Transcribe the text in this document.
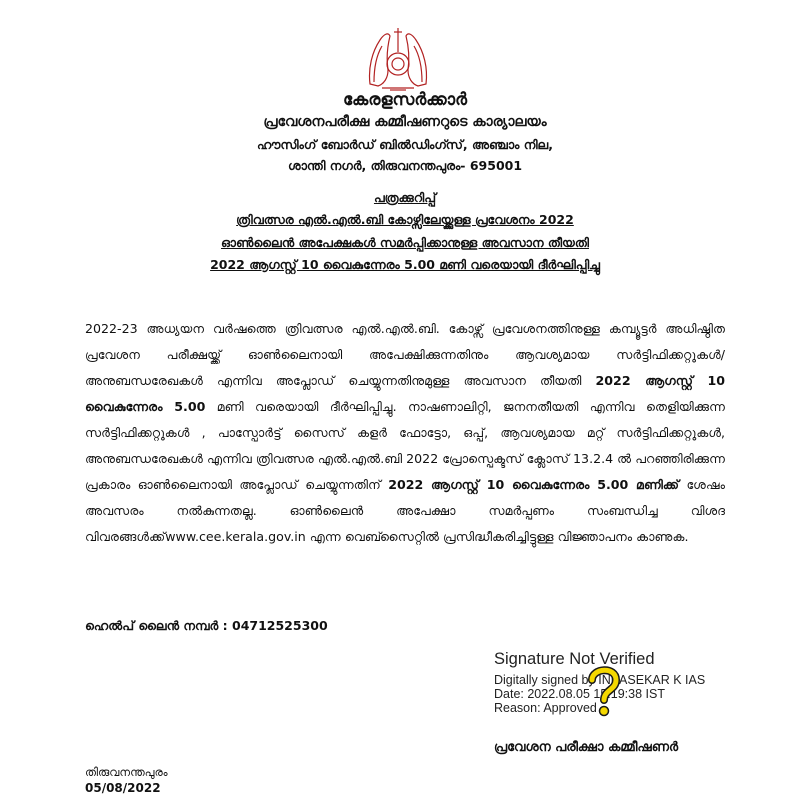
കേരളസർക്കാർ
പ്രവേശനപരീക്ഷ കമ്മീഷണറുടെ കാര്യാലയം
ഹൗസിംഗ് ബോർഡ് ബിൽഡിംഗ്സ്, അഞ്ചാം നില,
ശാന്തി നഗർ, തിരുവനന്തപുരം- 695001
പത്രക്കുറിപ്പ്
ത്രിവത്സര എൽ.എൽ.ബി കോഴ്സിലേയ്ക്കുള്ള പ്രവേശനം 2022
ഓൺലൈൻ അപേക്ഷകൾ സമർപ്പിക്കാനുള്ള അവസാന തീയതി
2022 ആഗസ്റ്റ് 10 വൈകുന്നേരം 5.00 മണി വരെയായി ദീർഘിപ്പിച്ചു
2022-23 അധ്യയന വർഷത്തെ ത്രിവത്സര എൽ.എൽ.ബി. കോഴ്സ് പ്രവേശനത്തിനുള്ള കമ്പ്യൂട്ടർ അധിഷ്ഠിത പ്രവേശന പരീക്ഷയ്ക്ക് ഓൺലൈനായി അപേക്ഷിക്കുന്നതിനും ആവശ്യമായ സർട്ടിഫിക്കറ്റുകൾ/അനുബന്ധരേഖകൾ എന്നിവ അപ്ലോഡ് ചെയ്യുന്നതിനുമുള്ള അവസാന തീയതി 2022 ആഗസ്റ്റ് 10 വൈകുന്നേരം 5.00 മണി വരെയായി ദീർഘിപ്പിച്ചു. നാഷണാലിറ്റി, ജനനതീയതി എന്നിവ തെളിയിക്കുന്ന സർട്ടിഫിക്കറ്റുകൾ , പാസ്പോർട്ട് സൈസ് കളർ ഫോട്ടോ, ഒപ്പ്, ആവശ്യമായ മറ്റ് സർട്ടിഫിക്കറ്റുകൾ, അനുബന്ധരേഖകൾ എന്നിവ ത്രിവത്സര എൽ.എൽ.ബി 2022 പ്രോസ്പെക്ടസ് ക്ലോസ് 13.2.4 ൽ പറഞ്ഞിരിക്കുന്ന പ്രകാരം ഓൺലൈനായി അപ്ലോഡ് ചെയ്യുന്നതിന് 2022 ആഗസ്റ്റ് 10 വൈകുന്നേരം 5.00 മണിക്ക് ശേഷം അവസരം നൽകുന്നതല്ല. ഓൺലൈൻ അപേക്ഷാ സമർപ്പണം സംബന്ധിച്ച വിശദ വിവരങ്ങൾക്ക്www.cee.kerala.gov.in എന്ന വെബ്സൈറ്റിൽ പ്രസിദ്ധീകരിച്ചിട്ടുള്ള വിജ്ഞാപനം കാണുക.
ഹെൽപ് ലൈൻ നമ്പർ : 04712525300
Signature Not Verified
Digitally signed by INBASEKAR K IAS
Date: 2022.08.05 15:19:38 IST
Reason: Approved
പ്രവേശന പരീക്ഷാ കമ്മീഷണർ
തിരുവനന്തപുരം
05/08/2022
